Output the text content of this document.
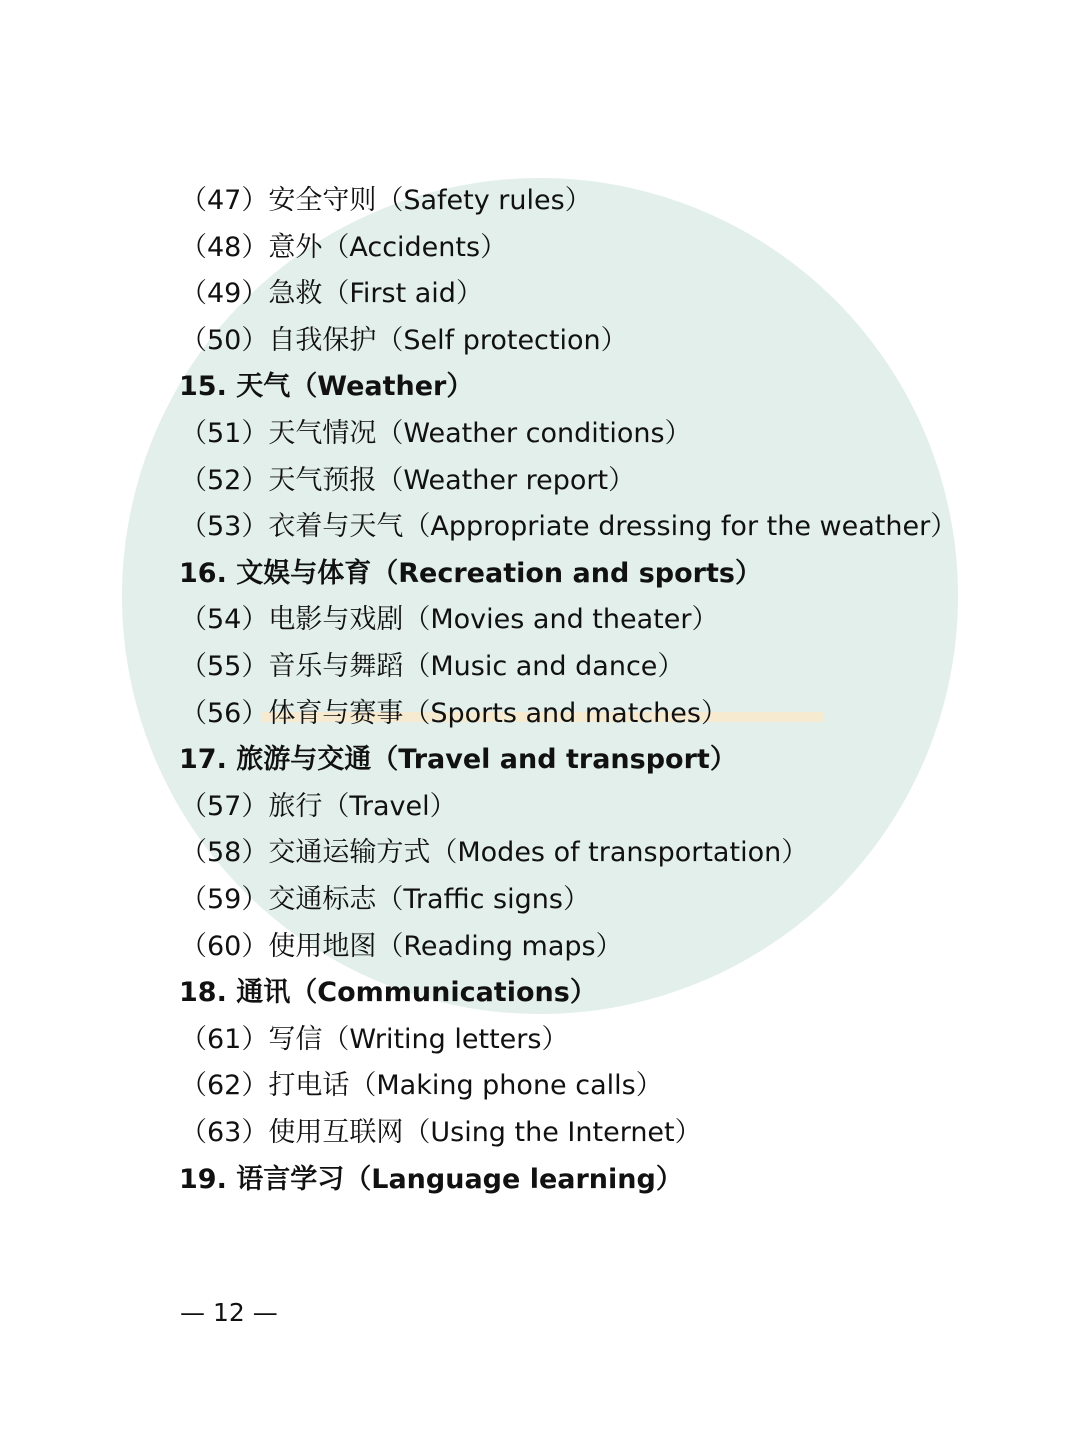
（47）安全守则（Safety rules）
（48）意外（Accidents）
（49）急救（First aid）
（50）自我保护（Self protection）
15. 天气（Weather）
（51）天气情况（Weather conditions）
（52）天气预报（Weather report）
（53）衣着与天气（Appropriate dressing for the weather）
16. 文娱与体育（Recreation and sports）
（54）电影与戏剧（Movies and theater）
（55）音乐与舞蹈（Music and dance）
（56）体育与赛事（Sports and matches）
17. 旅游与交通（Travel and transport）
（57）旅行（Travel）
（58）交通运输方式（Modes of transportation）
（59）交通标志（Traffic signs）
（60）使用地图（Reading maps）
18. 通讯（Communications）
（61）写信（Writing letters）
（62）打电话（Making phone calls）
（63）使用互联网（Using the Internet）
19. 语言学习（Language learning）
— 12 —
